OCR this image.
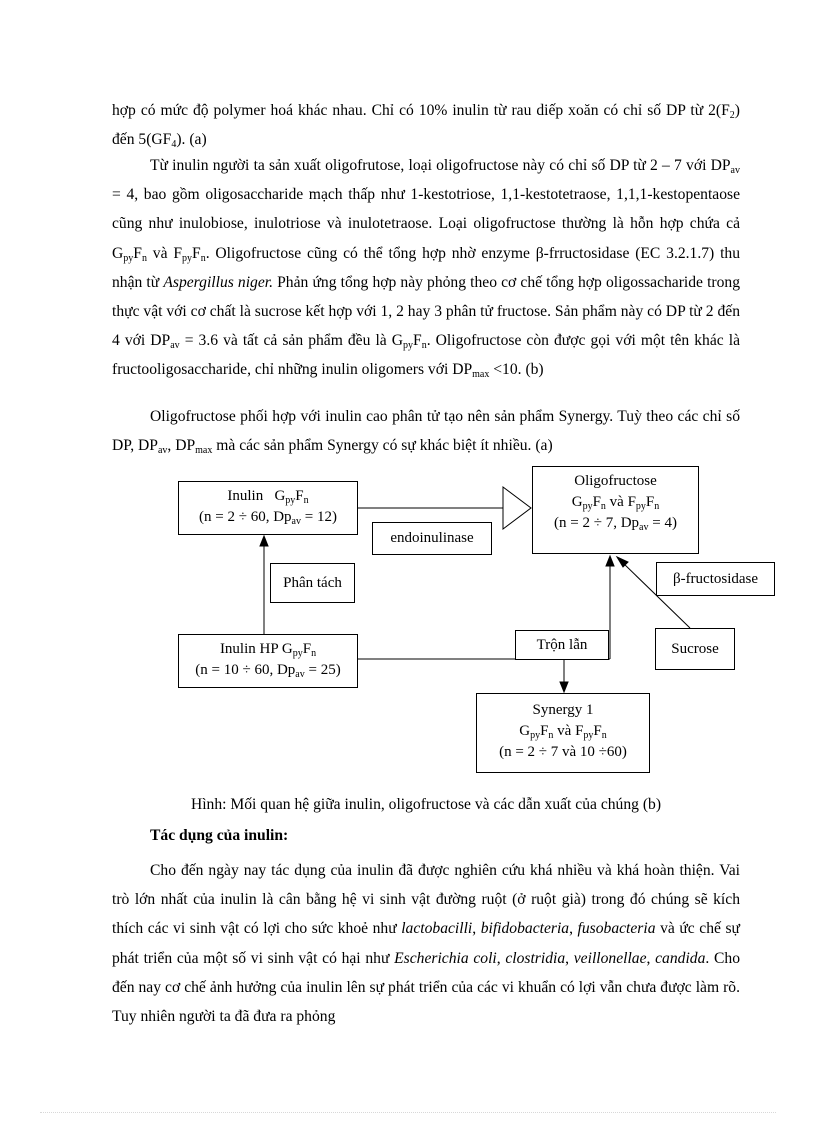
hợp có mức độ polymer hoá khác nhau. Chỉ có 10% inulin từ rau diếp xoăn có chỉ số DP từ $2(F_2)$ đến $5(GF_4)$. (a)

Từ inulin người ta sản xuất oligofrutose, loại oligofructose này có chỉ số DP từ 2 – 7 với $DP_{av} = 4$, bao gồm oligosaccharide mạch thấp như 1-kestotriose, 1,1-kestotetraose, 1,1,1-kestopentaose cũng như inulobiose, inulotriose và inulotetraose. Loại oligofructose thường là hỗn hợp chứa cả $G_{py}F_n$ và $F_{py}F_n$. Oligofructose cũng có thể tổng hợp nhờ enzyme β-frructosidase (EC 3.2.1.7) thu nhận từ Aspergillus niger. Phản ứng tổng hợp này phỏng theo cơ chế tổng hợp oligossacharide trong thực vật với cơ chất là sucrose kết hợp với 1, 2 hay 3 phân tử fructose. Sản phẩm này có DP từ 2 đến 4 với $DP_{av} = 3.6$ và tất cả sản phẩm đều là $G_{py}F_n$. Oligofructose còn được gọi với một tên khác là fructooligosaccharide, chỉ những inulin oligomers với $DP_{max} <10$. (b)

Oligofructose phối hợp với inulin cao phân tử tạo nên sản phẩm Synergy. Tuỳ theo các chỉ số DP, $DP_{av}$, $DP_{max}$ mà các sản phẩm Synergy có sự khác biệt ít nhiều. (a)

Inulin $G_{py}F_n$
(n = 2 ÷ 60, $Dp_{av} = 12$)
Oligofructose
$G_{py}F_n$ và $F_{py}F_n$
(n = 2 ÷ 7, $Dp_{av} = 4$)
endoinulinase
Phân tách	β-fructosidase
Inulin HP $G_{py}F_n$
(n = 10 ÷ 60, $Dp_{av} = 25$)
Trộn lẫn	Sucrose
Synergy 1
$G_{py}F_n$ và $F_{py}F_n$
(n = 2 ÷ 7 và 10 ÷60)
Hình: Mối quan hệ giữa inulin, oligofructose và các dẫn xuất của chúng (b)
Tác dụng của inulin:

Cho đến ngày nay tác dụng của inulin đã được nghiên cứu khá nhiều và khá hoàn thiện. Vai trò lớn nhất của inulin là cân bằng hệ vi sinh vật đường ruột (ở ruột già) trong đó chúng sẽ kích thích các vi sinh vật có lợi cho sức khoẻ như lactobacilli, bifidobacteria, fusobacteria và ức chế sự phát triển của một số vi sinh vật có hại như Escherichia coli, clostridia, veillonellae, candida. Cho đến nay cơ chế ảnh hưởng của inulin lên sự phát triển của các vi khuẩn có lợi vẫn chưa được làm rõ. Tuy nhiên người ta đã đưa ra phỏng
